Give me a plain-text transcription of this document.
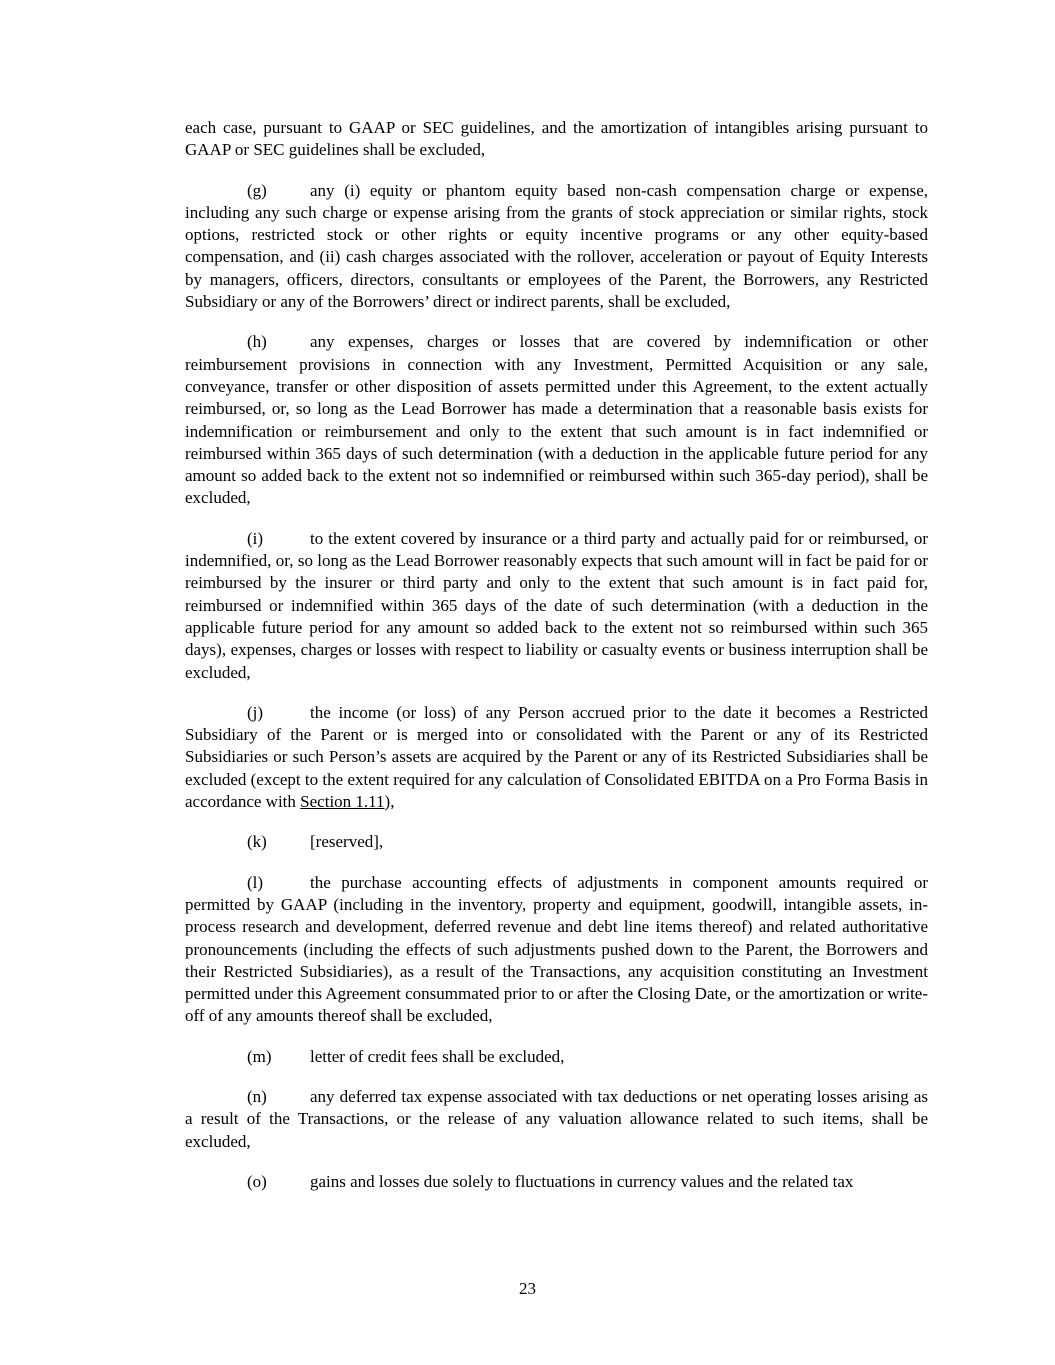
each case, pursuant to GAAP or SEC guidelines, and the amortization of intangibles arising pursuant to GAAP or SEC guidelines shall be excluded,

(g)	any (i) equity or phantom equity based non-cash compensation charge or expense, including any such charge or expense arising from the grants of stock appreciation or similar rights, stock options, restricted stock or other rights or equity incentive programs or any other equity-based compensation, and (ii) cash charges associated with the rollover, acceleration or payout of Equity Interests by managers, officers, directors, consultants or employees of the Parent, the Borrowers, any Restricted Subsidiary or any of the Borrowers’ direct or indirect parents, shall be excluded,

(h)	any expenses, charges or losses that are covered by indemnification or other reimbursement provisions in connection with any Investment, Permitted Acquisition or any sale, conveyance, transfer or other disposition of assets permitted under this Agreement, to the extent actually reimbursed, or, so long as the Lead Borrower has made a determination that a reasonable basis exists for indemnification or reimbursement and only to the extent that such amount is in fact indemnified or reimbursed within 365 days of such determination (with a deduction in the applicable future period for any amount so added back to the extent not so indemnified or reimbursed within such 365-day period), shall be excluded,

(i)	to the extent covered by insurance or a third party and actually paid for or reimbursed, or indemnified, or, so long as the Lead Borrower reasonably expects that such amount will in fact be paid for or reimbursed by the insurer or third party and only to the extent that such amount is in fact paid for, reimbursed or indemnified within 365 days of the date of such determination (with a deduction in the applicable future period for any amount so added back to the extent not so reimbursed within such 365 days), expenses, charges or losses with respect to liability or casualty events or business interruption shall be excluded,

(j)	the income (or loss) of any Person accrued prior to the date it becomes a Restricted Subsidiary of the Parent or is merged into or consolidated with the Parent or any of its Restricted Subsidiaries or such Person’s assets are acquired by the Parent or any of its Restricted Subsidiaries shall be excluded (except to the extent required for any calculation of Consolidated EBITDA on a Pro Forma Basis in accordance with Section 1.11),

(k)	[reserved],

(l)	the purchase accounting effects of adjustments in component amounts required or permitted by GAAP (including in the inventory, property and equipment, goodwill, intangible assets, in-process research and development, deferred revenue and debt line items thereof) and related authoritative pronouncements (including the effects of such adjustments pushed down to the Parent, the Borrowers and their Restricted Subsidiaries), as a result of the Transactions, any acquisition constituting an Investment permitted under this Agreement consummated prior to or after the Closing Date, or the amortization or write-off of any amounts thereof shall be excluded,

(m) letter of credit fees shall be excluded,

(n)	any deferred tax expense associated with tax deductions or net operating losses arising as a result of the Transactions, or the release of any valuation allowance related to such items, shall be excluded,

(o)	gains and losses due solely to fluctuations in currency values and the related tax

23
